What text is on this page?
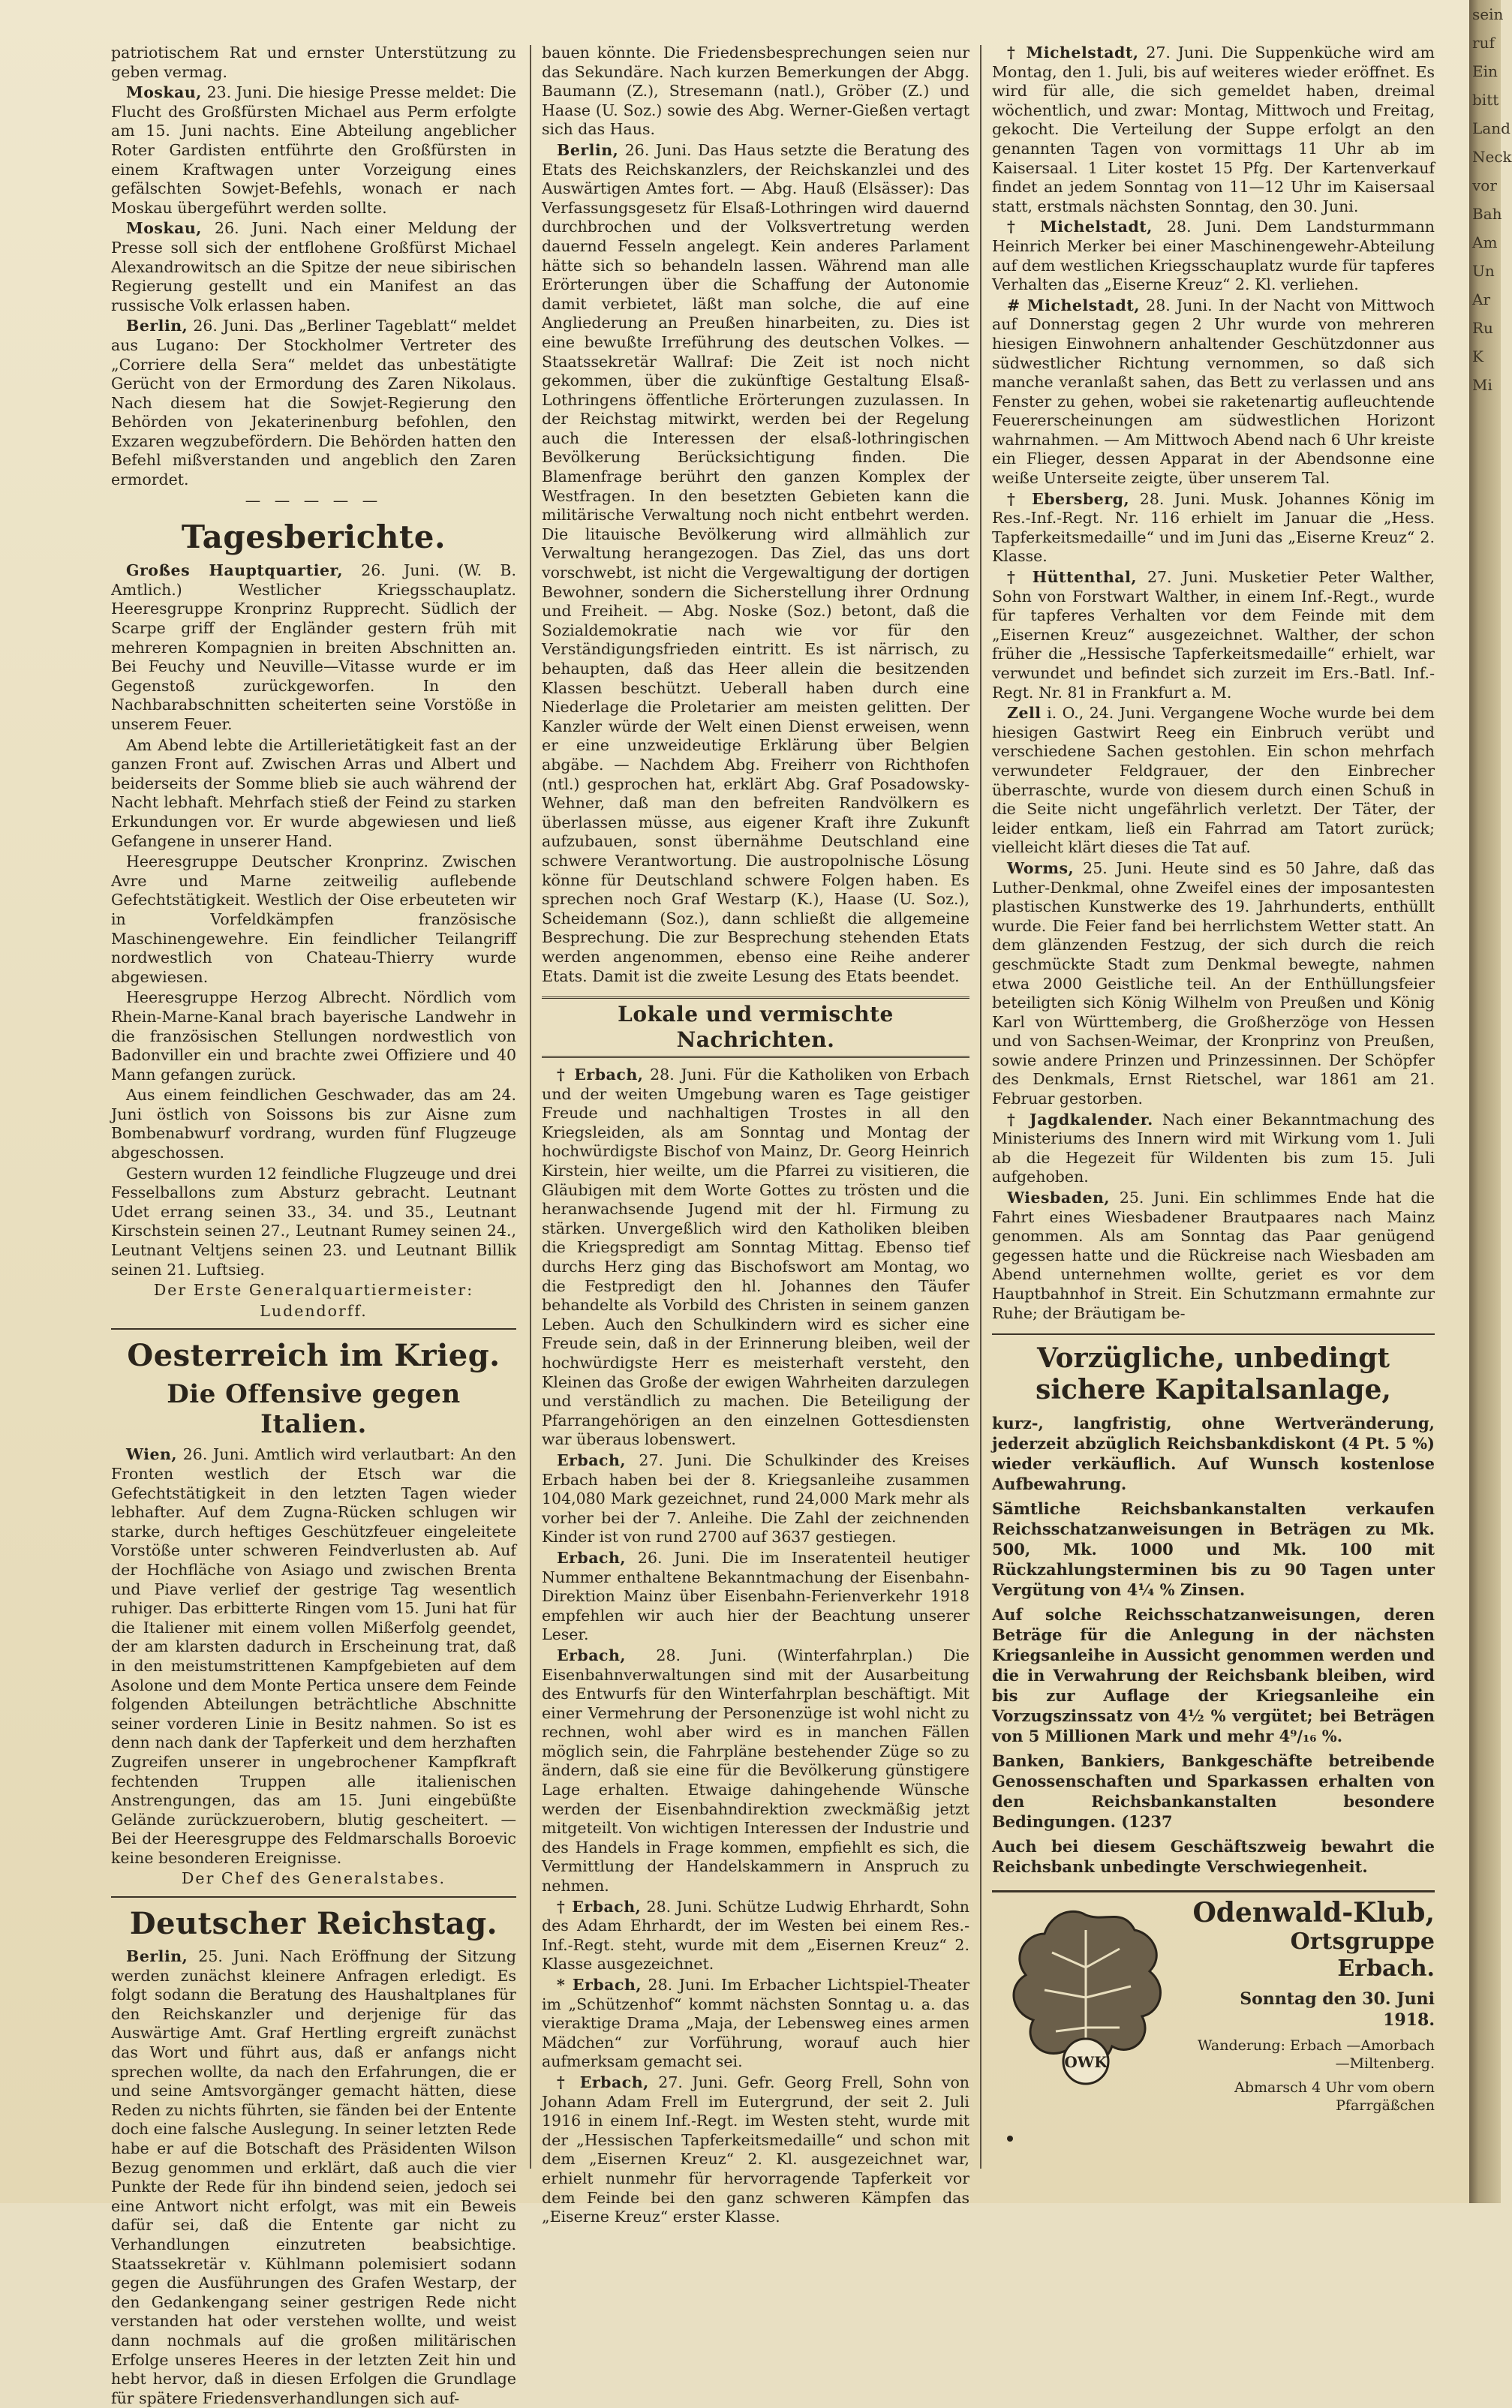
patriotischem Rat und ernster Unterstützung zu geben vermag.

Moskau, 23. Juni. Die hiesige Presse meldet: Die Flucht des Großfürsten Michael aus Perm erfolgte am 15. Juni nachts. Eine Abteilung angeblicher Roter Gardisten entführte den Großfürsten in einem Kraftwagen unter Vorzeigung eines gefälschten Sowjet-Befehls, wonach er nach Moskau übergeführt werden sollte.

Moskau, 26. Juni. Nach einer Meldung der Presse soll sich der entflohene Großfürst Michael Alexandrowitsch an die Spitze der neue sibirischen Regierung gestellt und ein Manifest an das russische Volk erlassen haben.

Berlin, 26. Juni. Das „Berliner Tageblatt“ meldet aus Lugano: Der Stockholmer Vertreter des „Corriere della Sera“ meldet das unbestätigte Gerücht von der Ermordung des Zaren Nikolaus. Nach diesem hat die Sowjet-Regierung den Behörden von Jekaterinenburg befohlen, den Exzaren wegzubefördern. Die Behörden hatten den Befehl mißverstanden und angeblich den Zaren ermordet.

— — — — —
Tagesberichte.

Großes Hauptquartier, 26. Juni. (W. B. Amtlich.) Westlicher Kriegsschauplatz. Heeresgruppe Kronprinz Rupprecht. Südlich der Scarpe griff der Engländer gestern früh mit mehreren Kompagnien in breiten Abschnitten an. Bei Feuchy und Neuville—Vitasse wurde er im Gegenstoß zurückgeworfen. In den Nachbarabschnitten scheiterten seine Vorstöße in unserem Feuer.

Am Abend lebte die Artillerietätigkeit fast an der ganzen Front auf. Zwischen Arras und Albert und beiderseits der Somme blieb sie auch während der Nacht lebhaft. Mehrfach stieß der Feind zu starken Erkundungen vor. Er wurde abgewiesen und ließ Gefangene in unserer Hand.

Heeresgruppe Deutscher Kronprinz. Zwischen Avre und Marne zeitweilig auflebende Gefechtstätigkeit. Westlich der Oise erbeuteten wir in Vorfeldkämpfen französische Maschinengewehre. Ein feindlicher Teilangriff nordwestlich von Chateau-Thierry wurde abgewiesen.

Heeresgruppe Herzog Albrecht. Nördlich vom Rhein-Marne-Kanal brach bayerische Landwehr in die französischen Stellungen nordwestlich von Badonviller ein und brachte zwei Offiziere und 40 Mann gefangen zurück.

Aus einem feindlichen Geschwader, das am 24. Juni östlich von Soissons bis zur Aisne zum Bombenabwurf vordrang, wurden fünf Flugzeuge abgeschossen.

Gestern wurden 12 feindliche Flugzeuge und drei Fesselballons zum Absturz gebracht. Leutnant Udet errang seinen 33., 34. und 35., Leutnant Kirschstein seinen 27., Leutnant Rumey seinen 24., Leutnant Veltjens seinen 23. und Leutnant Billik seinen 21. Luftsieg.

Der Erste Generalquartiermeister:

Ludendorff.

Oesterreich im Krieg.
Die Offensive gegen Italien.

Wien, 26. Juni. Amtlich wird verlautbart: An den Fronten westlich der Etsch war die Gefechtstätigkeit in den letzten Tagen wieder lebhafter. Auf dem Zugna-Rücken schlugen wir starke, durch heftiges Geschützfeuer eingeleitete Vorstöße unter schweren Feindverlusten ab. Auf der Hochfläche von Asiago und zwischen Brenta und Piave verlief der gestrige Tag wesentlich ruhiger. Das erbitterte Ringen vom 15. Juni hat für die Italiener mit einem vollen Mißerfolg geendet, der am klarsten dadurch in Erscheinung trat, daß in den meistumstrittenen Kampfgebieten auf dem Asolone und dem Monte Pertica unsere dem Feinde folgenden Abteilungen beträchtliche Abschnitte seiner vorderen Linie in Besitz nahmen. So ist es denn nach dank der Tapferkeit und dem herzhaften Zugreifen unserer in ungebrochener Kampfkraft fechtenden Truppen alle italienischen Anstrengungen, das am 15. Juni eingebüßte Gelände zurückzuerobern, blutig gescheitert. — Bei der Heeresgruppe des Feldmarschalls Boroevic keine besonderen Ereignisse.

Der Chef des Generalstabes.

Deutscher Reichstag.

Berlin, 25. Juni. Nach Eröffnung der Sitzung werden zunächst kleinere Anfragen erledigt. Es folgt sodann die Beratung des Haushaltplanes für den Reichskanzler und derjenige für das Auswärtige Amt. Graf Hertling ergreift zunächst das Wort und führt aus, daß er anfangs nicht sprechen wollte, da nach den Erfahrungen, die er und seine Amtsvorgänger gemacht hätten, diese Reden zu nichts führten, sie fänden bei der Entente doch eine falsche Auslegung. In seiner letzten Rede habe er auf die Botschaft des Präsidenten Wilson Bezug genommen und erklärt, daß auch die vier Punkte der Rede für ihn bindend seien, jedoch sei eine Antwort nicht erfolgt, was mit ein Beweis dafür sei, daß die Entente gar nicht zu Verhandlungen einzutreten beabsichtige. Staatssekretär v. Kühlmann polemisiert sodann gegen die Ausführungen des Grafen Westarp, der den Gedankengang seiner gestrigen Rede nicht verstanden hat oder verstehen wollte, und weist dann nochmals auf die großen militärischen Erfolge unseres Heeres in der letzten Zeit hin und hebt hervor, daß in diesen Erfolgen die Grundlage für spätere Friedensverhandlungen sich auf-

bauen könnte. Die Friedensbesprechungen seien nur das Sekundäre. Nach kurzen Bemerkungen der Abgg. Baumann (Z.), Stresemann (natl.), Gröber (Z.) und Haase (U. Soz.) sowie des Abg. Werner-Gießen vertagt sich das Haus.

Berlin, 26. Juni. Das Haus setzte die Beratung des Etats des Reichskanzlers, der Reichskanzlei und des Auswärtigen Amtes fort. — Abg. Hauß (Elsässer): Das Verfassungsgesetz für Elsaß-Lothringen wird dauernd durchbrochen und der Volksvertretung werden dauernd Fesseln angelegt. Kein anderes Parlament hätte sich so behandeln lassen. Während man alle Erörterungen über die Schaffung der Autonomie damit verbietet, läßt man solche, die auf eine Angliederung an Preußen hinarbeiten, zu. Dies ist eine bewußte Irreführung des deutschen Volkes. — Staatssekretär Wallraf: Die Zeit ist noch nicht gekommen, über die zukünftige Gestaltung Elsaß-Lothringens öffentliche Erörterungen zuzulassen. In der Reichstag mitwirkt, werden bei der Regelung auch die Interessen der elsaß-lothringischen Bevölkerung Berücksichtigung finden. Die Blamenfrage berührt den ganzen Komplex der Westfragen. In den besetzten Gebieten kann die militärische Verwaltung noch nicht entbehrt werden. Die litauische Bevölkerung wird allmählich zur Verwaltung herangezogen. Das Ziel, das uns dort vorschwebt, ist nicht die Vergewaltigung der dortigen Bewohner, sondern die Sicherstellung ihrer Ordnung und Freiheit. — Abg. Noske (Soz.) betont, daß die Sozialdemokratie nach wie vor für den Verständigungsfrieden eintritt. Es ist närrisch, zu behaupten, daß das Heer allein die besitzenden Klassen beschützt. Ueberall haben durch eine Niederlage die Proletarier am meisten gelitten. Der Kanzler würde der Welt einen Dienst erweisen, wenn er eine unzweideutige Erklärung über Belgien abgäbe. — Nachdem Abg. Freiherr von Richthofen (ntl.) gesprochen hat, erklärt Abg. Graf Posadowsky-Wehner, daß man den befreiten Randvölkern es überlassen müsse, aus eigener Kraft ihre Zukunft aufzubauen, sonst übernähme Deutschland eine schwere Verantwortung. Die austropolnische Lösung könne für Deutschland schwere Folgen haben. Es sprechen noch Graf Westarp (K.), Haase (U. Soz.), Scheidemann (Soz.), dann schließt die allgemeine Besprechung. Die zur Besprechung stehenden Etats werden angenommen, ebenso eine Reihe anderer Etats. Damit ist die zweite Lesung des Etats beendet.

Lokale und vermischte Nachrichten.

† Erbach, 28. Juni. Für die Katholiken von Erbach und der weiten Umgebung waren es Tage geistiger Freude und nachhaltigen Trostes in all den Kriegsleiden, als am Sonntag und Montag der hochwürdigste Bischof von Mainz, Dr. Georg Heinrich Kirstein, hier weilte, um die Pfarrei zu visitieren, die Gläubigen mit dem Worte Gottes zu trösten und die heranwachsende Jugend mit der hl. Firmung zu stärken. Unvergeßlich wird den Katholiken bleiben die Kriegspredigt am Sonntag Mittag. Ebenso tief durchs Herz ging das Bischofswort am Montag, wo die Festpredigt den hl. Johannes den Täufer behandelte als Vorbild des Christen in seinem ganzen Leben. Auch den Schulkindern wird es sicher eine Freude sein, daß in der Erinnerung bleiben, weil der hochwürdigste Herr es meisterhaft versteht, den Kleinen das Große der ewigen Wahrheiten darzulegen und verständlich zu machen. Die Beteiligung der Pfarrangehörigen an den einzelnen Gottesdiensten war überaus lobenswert.

Erbach, 27. Juni. Die Schulkinder des Kreises Erbach haben bei der 8. Kriegsanleihe zusammen 104,080 Mark gezeichnet, rund 24,000 Mark mehr als vorher bei der 7. Anleihe. Die Zahl der zeichnenden Kinder ist von rund 2700 auf 3637 gestiegen.

Erbach, 26. Juni. Die im Inseratenteil heutiger Nummer enthaltene Bekanntmachung der Eisenbahn-Direktion Mainz über Eisenbahn-Ferienverkehr 1918 empfehlen wir auch hier der Beachtung unserer Leser.

Erbach, 28. Juni. (Winterfahrplan.) Die Eisenbahnverwaltungen sind mit der Ausarbeitung des Entwurfs für den Winterfahrplan beschäftigt. Mit einer Vermehrung der Personenzüge ist wohl nicht zu rechnen, wohl aber wird es in manchen Fällen möglich sein, die Fahrpläne bestehender Züge so zu ändern, daß sie eine für die Bevölkerung günstigere Lage erhalten. Etwaige dahingehende Wünsche werden der Eisenbahndirektion zweckmäßig jetzt mitgeteilt. Von wichtigen Interessen der Industrie und des Handels in Frage kommen, empfiehlt es sich, die Vermittlung der Handelskammern in Anspruch zu nehmen.

† Erbach, 28. Juni. Schütze Ludwig Ehrhardt, Sohn des Adam Ehrhardt, der im Westen bei einem Res.-Inf.-Regt. steht, wurde mit dem „Eisernen Kreuz“ 2. Klasse ausgezeichnet.

* Erbach, 28. Juni. Im Erbacher Lichtspiel-Theater im „Schützenhof“ kommt nächsten Sonntag u. a. das vieraktige Drama „Maja, der Lebensweg eines armen Mädchen“ zur Vorführung, worauf auch hier aufmerksam gemacht sei.

† Erbach, 27. Juni. Gefr. Georg Frell, Sohn von Johann Adam Frell im Eutergrund, der seit 2. Juli 1916 in einem Inf.-Regt. im Westen steht, wurde mit der „Hessischen Tapferkeitsmedaille“ und schon mit dem „Eisernen Kreuz“ 2. Kl. ausgezeichnet war, erhielt nunmehr für hervorragende Tapferkeit vor dem Feinde bei den ganz schweren Kämpfen das „Eiserne Kreuz“ erster Klasse.

† Michelstadt, 27. Juni. Die Suppenküche wird am Montag, den 1. Juli, bis auf weiteres wieder eröffnet. Es wird für alle, die sich gemeldet haben, dreimal wöchentlich, und zwar: Montag, Mittwoch und Freitag, gekocht. Die Verteilung der Suppe erfolgt an den genannten Tagen von vormittags 11 Uhr ab im Kaisersaal. 1 Liter kostet 15 Pfg. Der Kartenverkauf findet an jedem Sonntag von 11—12 Uhr im Kaisersaal statt, erstmals nächsten Sonntag, den 30. Juni.

† Michelstadt, 28. Juni. Dem Landsturmmann Heinrich Merker bei einer Maschinengewehr-Abteilung auf dem westlichen Kriegsschauplatz wurde für tapferes Verhalten das „Eiserne Kreuz“ 2. Kl. verliehen.

# Michelstadt, 28. Juni. In der Nacht von Mittwoch auf Donnerstag gegen 2 Uhr wurde von mehreren hiesigen Einwohnern anhaltender Geschützdonner aus südwestlicher Richtung vernommen, so daß sich manche veranlaßt sahen, das Bett zu verlassen und ans Fenster zu gehen, wobei sie raketenartig aufleuchtende Feuererscheinungen am südwestlichen Horizont wahrnahmen. — Am Mittwoch Abend nach 6 Uhr kreiste ein Flieger, dessen Apparat in der Abendsonne eine weiße Unterseite zeigte, über unserem Tal.

† Ebersberg, 28. Juni. Musk. Johannes König im Res.-Inf.-Regt. Nr. 116 erhielt im Januar die „Hess. Tapferkeitsmedaille“ und im Juni das „Eiserne Kreuz“ 2. Klasse.

† Hüttenthal, 27. Juni. Musketier Peter Walther, Sohn von Forstwart Walther, in einem Inf.-Regt., wurde für tapferes Verhalten vor dem Feinde mit dem „Eisernen Kreuz“ ausgezeichnet. Walther, der schon früher die „Hessische Tapferkeitsmedaille“ erhielt, war verwundet und befindet sich zurzeit im Ers.-Batl. Inf.-Regt. Nr. 81 in Frankfurt a. M.

Zell i. O., 24. Juni. Vergangene Woche wurde bei dem hiesigen Gastwirt Reeg ein Einbruch verübt und verschiedene Sachen gestohlen. Ein schon mehrfach verwundeter Feldgrauer, der den Einbrecher überraschte, wurde von diesem durch einen Schuß in die Seite nicht ungefährlich verletzt. Der Täter, der leider entkam, ließ ein Fahrrad am Tatort zurück; vielleicht klärt dieses die Tat auf.

Worms, 25. Juni. Heute sind es 50 Jahre, daß das Luther-Denkmal, ohne Zweifel eines der imposantesten plastischen Kunstwerke des 19. Jahrhunderts, enthüllt wurde. Die Feier fand bei herrlichstem Wetter statt. An dem glänzenden Festzug, der sich durch die reich geschmückte Stadt zum Denkmal bewegte, nahmen etwa 2000 Geistliche teil. An der Enthüllungsfeier beteiligten sich König Wilhelm von Preußen und König Karl von Württemberg, die Großherzöge von Hessen und von Sachsen-Weimar, der Kronprinz von Preußen, sowie andere Prinzen und Prinzessinnen. Der Schöpfer des Denkmals, Ernst Rietschel, war 1861 am 21. Februar gestorben.

† Jagdkalender. Nach einer Bekanntmachung des Ministeriums des Innern wird mit Wirkung vom 1. Juli ab die Hegezeit für Wildenten bis zum 15. Juli aufgehoben.

Wiesbaden, 25. Juni. Ein schlimmes Ende hat die Fahrt eines Wiesbadener Brautpaares nach Mainz genommen. Als am Sonntag das Paar genügend gegessen hatte und die Rückreise nach Wiesbaden am Abend unternehmen wollte, geriet es vor dem Hauptbahnhof in Streit. Ein Schutzmann ermahnte zur Ruhe; der Bräutigam be-

Vorzügliche, unbedingt sichere Kapitalsanlage,

kurz-, langfristig, ohne Wertveränderung, jederzeit abzüglich Reichsbankdiskont (4 Pt. 5 %) wieder verkäuflich. Auf Wunsch kostenlose Aufbewahrung.

Sämtliche Reichsbankanstalten verkaufen Reichsschatzanweisungen in Beträgen zu Mk. 500, Mk. 1000 und Mk. 100 mit Rückzahlungsterminen bis zu 90 Tagen unter Vergütung von 4¼ % Zinsen.

Auf solche Reichsschatzanweisungen, deren Beträge für die Anlegung in der nächsten Kriegsanleihe in Aussicht genommen werden und die in Verwahrung der Reichsbank bleiben, wird bis zur Auflage der Kriegsanleihe ein Vorzugszinssatz von 4½ % vergütet; bei Beträgen von 5 Millionen Mark und mehr 4⁹/₁₆ %.

Banken, Bankiers, Bankgeschäfte betreibende Genossenschaften und Sparkassen erhalten von den Reichsbankanstalten besondere Bedingungen. (1237

Auch bei diesem Geschäftszweig bewahrt die Reichsbank unbedingte Verschwiegenheit.

OWK
Odenwald-Klub,
Ortsgruppe Erbach.
Sonntag den 30. Juni 1918.
Wanderung: Erbach —Amorbach—Miltenberg.
Abmarsch 4 Uhr vom obern Pfarrgäßchen
sein
ruf
Ein
bitt
Land
Neck
vor
Bah
Am
Un
Ar
Ru
K
Mi
